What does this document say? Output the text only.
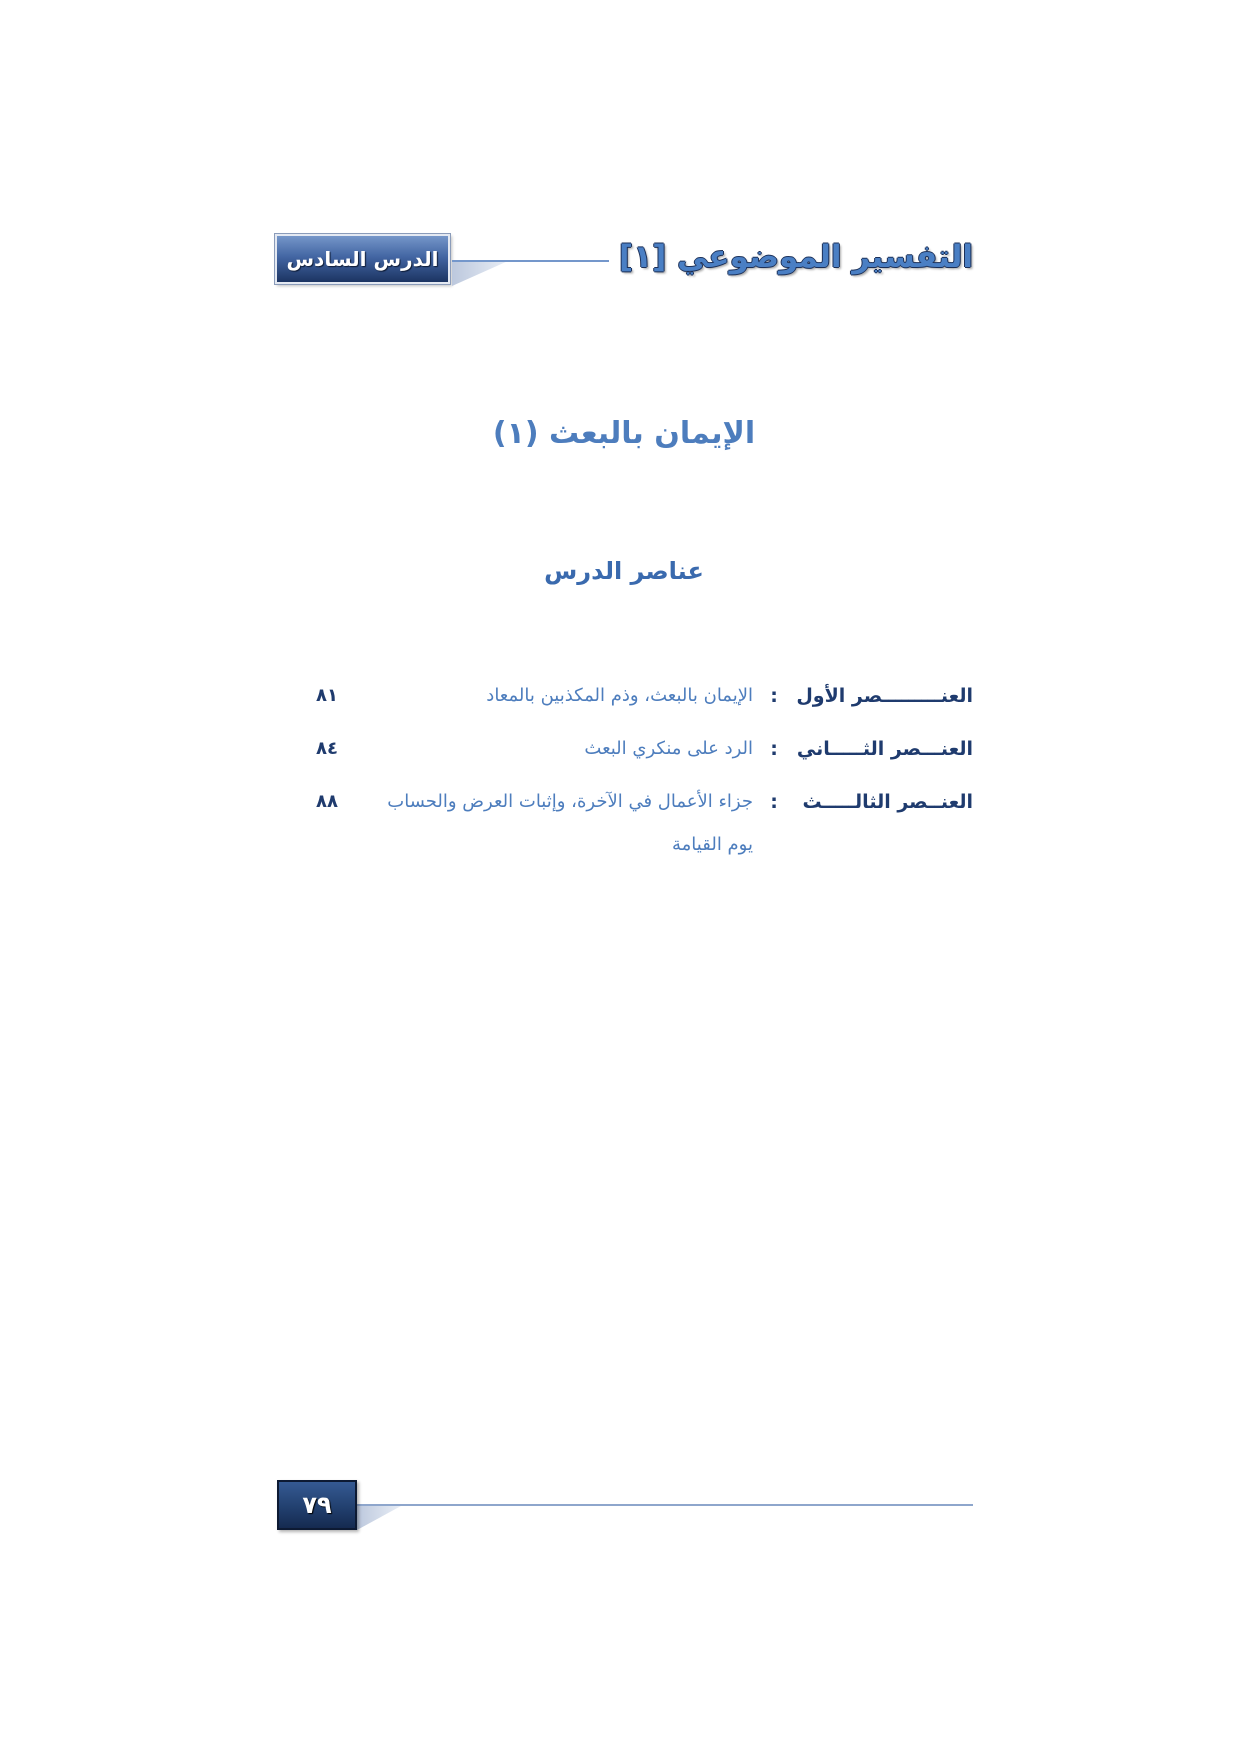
الدرس السادس	التفسير الموضوعي [١]
الإيمان بالبعث (١)
عناصر الدرس
العنـــــــــصر الأول
:
الإيمان بالبعث، وذم المكذبين بالمعاد
٨١
العنـــصر الثـــــاني
:
الرد على منكري البعث
٨٤
العنــصر الثالـــــث
:
جزاء الأعمال في الآخرة، وإثبات العرض والحساب
٨٨
يوم القيامة
٧٩
